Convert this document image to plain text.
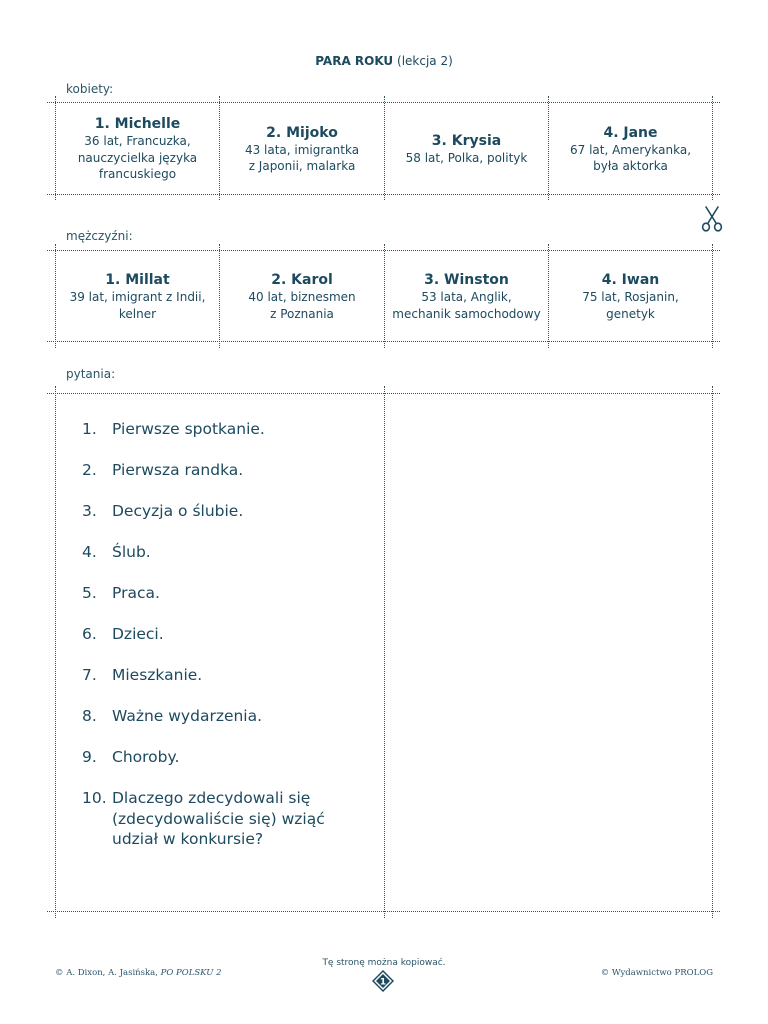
PARA ROKU (lekcja 2)
kobiety:
1. Michelle
36 lat, Francuzka,
nauczycielka języka
francuskiego
2. Mijoko
43 lata, imigrantka
z Japonii, malarka
3. Krysia
58 lat, Polka, polityk
4. Jane
67 lat, Amerykanka,
była aktorka
mężczyźni:
1. Millat
39 lat, imigrant z Indii,
kelner
2. Karol
40 lat, biznesmen
z Poznania
3. Winston
53 lata, Anglik,
mechanik samochodowy
4. Iwan
75 lat, Rosjanin,
genetyk
pytania:
1. Pierwsze spotkanie.
2. Pierwsza randka.
3. Decyzja o ślubie.
4. Ślub.
5. Praca.
6. Dzieci.
7. Mieszkanie.
8. Ważne wydarzenia.
9. Choroby.
10. Dlaczego zdecydowali się (zdecydowaliście się) wziąć udział w konkursie?
© A. Dixon, A. Jasińska, PO POLSKU 2
Tę stronę można kopiować.
1
© Wydawnictwo PROLOG
